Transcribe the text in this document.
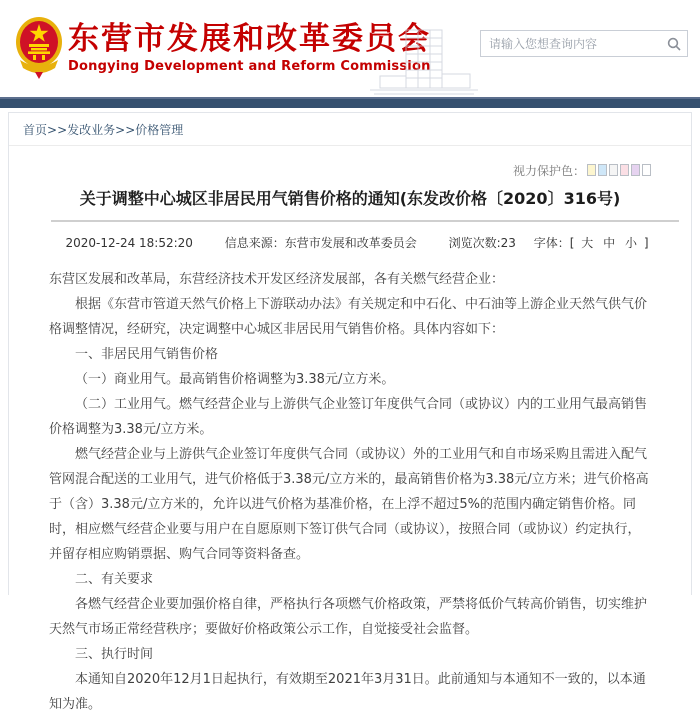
东营市发展和改革委员会
Dongying Development and Reform Commission
请输入您想查询内容
首页>>发改业务>>价格管理
视力保护色：
关于调整中心城区非居民用气销售价格的通知(东发改价格〔2020〕316号)
2020-12-24 18:52:20	信息来源：东营市发展和改革委员会	浏览次数:23 字体：[ 大 中 小 ]

东营区发展和改革局，东营经济技术开发区经济发展部，各有关燃气经营企业：

根据《东营市管道天然气价格上下游联动办法》有关规定和中石化、中石油等上游企业天然气供气价格调整情况，经研究，决定调整中心城区非居民用气销售价格。具体内容如下：

一、非居民用气销售价格

（一）商业用气。最高销售价格调整为3.38元/立方米。

（二）工业用气。燃气经营企业与上游供气企业签订年度供气合同（或协议）内的工业用气最高销售价格调整为3.38元/立方米。

燃气经营企业与上游供气企业签订年度供气合同（或协议）外的工业用气和自市场采购且需进入配气管网混合配送的工业用气，进气价格低于3.38元/立方米的，最高销售价格为3.38元/立方米；进气价格高于（含）3.38元/立方米的，允许以进气价格为基准价格，在上浮不超过5%的范围内确定销售价格。同时，相应燃气经营企业要与用户在自愿原则下签订供气合同（或协议），按照合同（或协议）约定执行，并留存相应购销票据、购气合同等资料备查。

二、有关要求

各燃气经营企业要加强价格自律，严格执行各项燃气价格政策，严禁将低价气转高价销售，切实维护天然气市场正常经营秩序；要做好价格政策公示工作，自觉接受社会监督。

三、执行时间

本通知自2020年12月1日起执行，有效期至2021年3月31日。此前通知与本通知不一致的，以本通知为准。
